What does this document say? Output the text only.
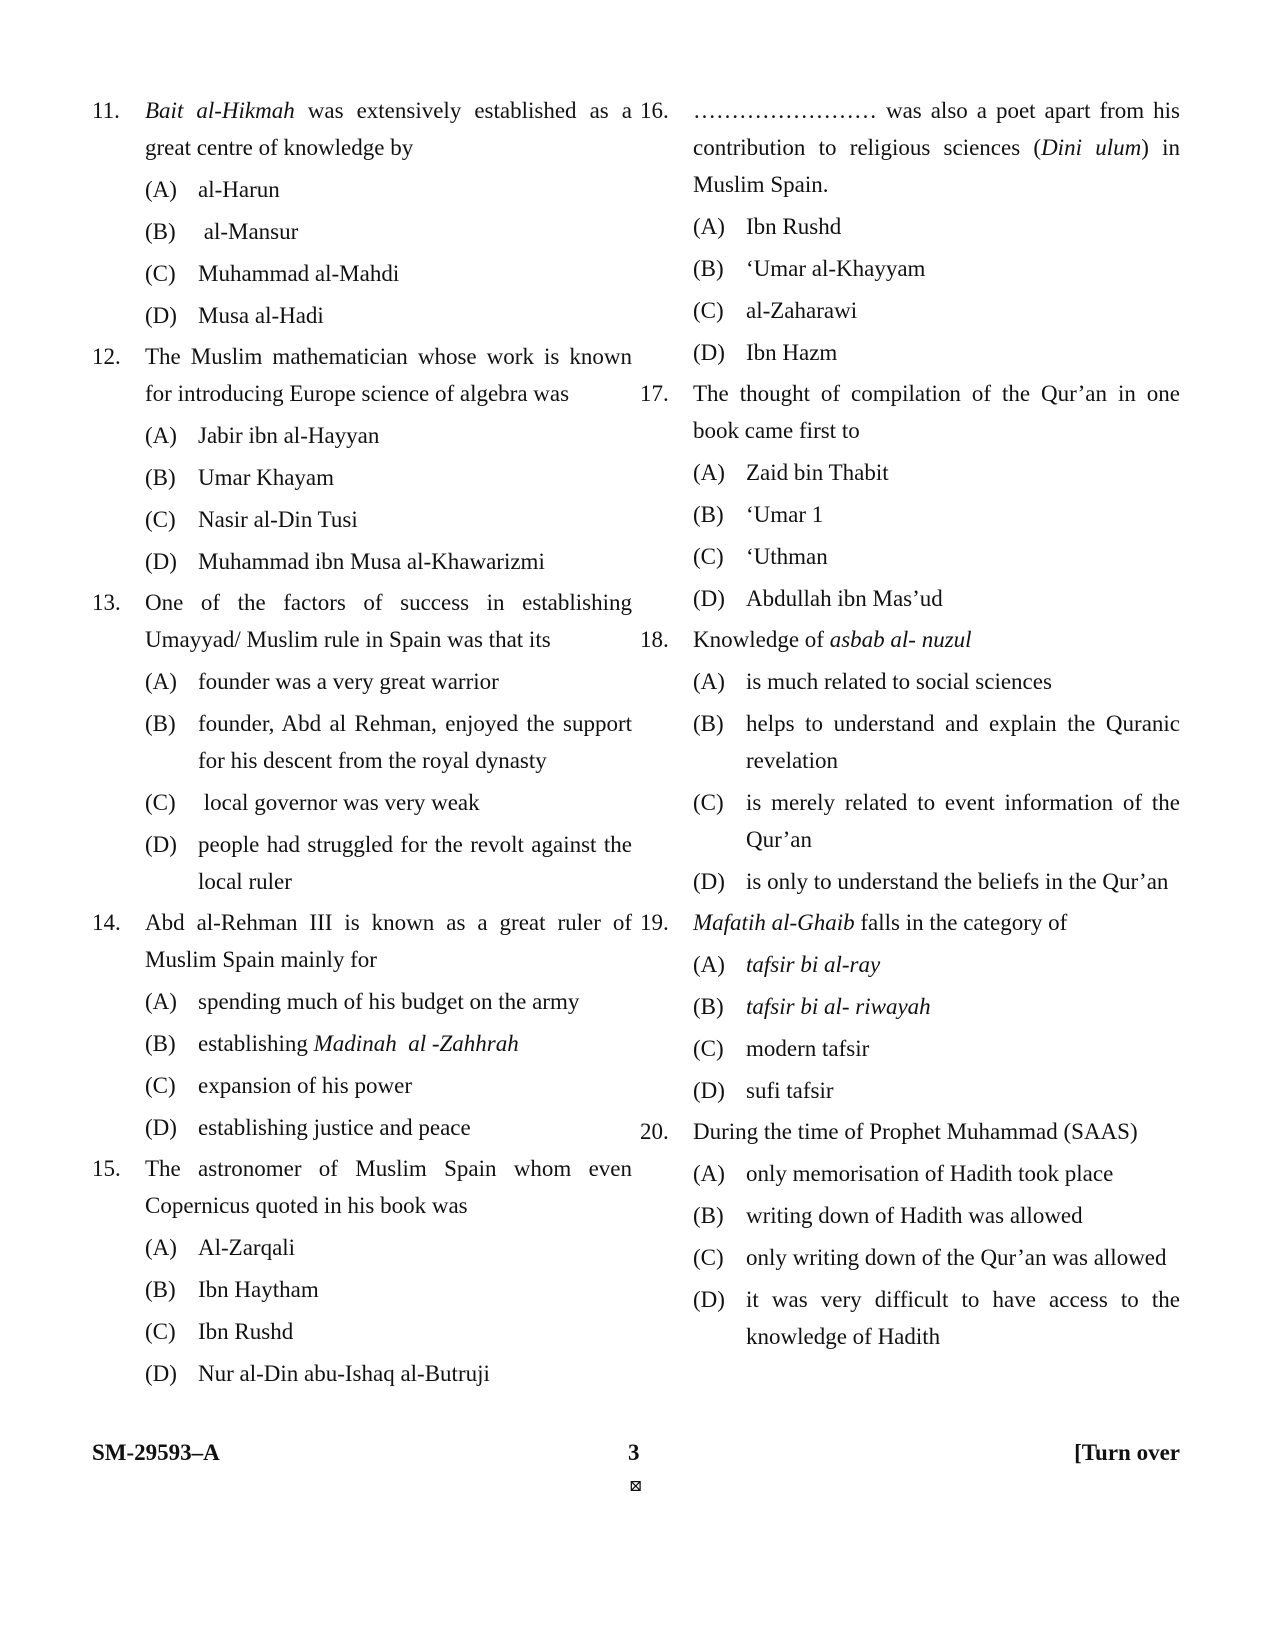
11.	Bait al-Hikmah was extensively established as a great centre of knowledge by
(A) al-Harun
(B) al-Mansur
(C) Muhammad al-Mahdi
(D) Musa al-Hadi
12.	The Muslim mathematician whose work is known for introducing Europe science of algebra was
(A) Jabir ibn al-Hayyan
(B) Umar Khayam
(C) Nasir al-Din Tusi
(D) Muhammad ibn Musa al-Khawarizmi
13.	One of the factors of success in establishing Umayyad/ Muslim rule in Spain was that its
(A) founder was a very great warrior
(B) founder, Abd al Rehman, enjoyed the support for his descent from the royal dynasty
(C) local governor was very weak
(D) people had struggled for the revolt against the local ruler
14.	Abd al-Rehman III is known as a great ruler of Muslim Spain mainly for
(A) spending much of his budget on the army
(B) establishing Madinah  al -Zahhrah
(C) expansion of his power
(D) establishing justice and peace
15.	The astronomer of Muslim Spain whom even Copernicus quoted in his book was
(A) Al-Zarqali
(B) Ibn Haytham
(C) Ibn Rushd
(D) Nur al-Din abu-Ishaq al-Butruji
16.	…………………… was also a poet apart from his contribution to religious sciences (Dini ulum) in Muslim Spain.
(A) Ibn Rushd
(B) ‘Umar al-Khayyam
(C) al-Zaharawi
(D) Ibn Hazm
17.	The thought of compilation of the Qur’an in one book came first to
(A) Zaid bin Thabit
(B) ‘Umar 1
(C) ‘Uthman
(D) Abdullah ibn Mas’ud
18.	Knowledge of asbab al- nuzul
(A) is much related to social sciences
(B) helps to understand and explain the Quranic revelation
(C) is merely related to event information of the Qur’an
(D) is only to understand the beliefs in the Qur’an
19.	Mafatih al-Ghaib falls in the category of
(A) tafsir bi al-ray
(B) tafsir bi al- riwayah
(C) modern tafsir
(D) sufi tafsir
20.	During the time of Prophet Muhammad (SAAS)
(A) only memorisation of Hadith took place
(B) writing down of Hadith was allowed
(C) only writing down of the Qur’an was allowed
(D) it was very difficult to have access to the knowledge of Hadith
SM-29593–A	3	[Turn over
⊠
